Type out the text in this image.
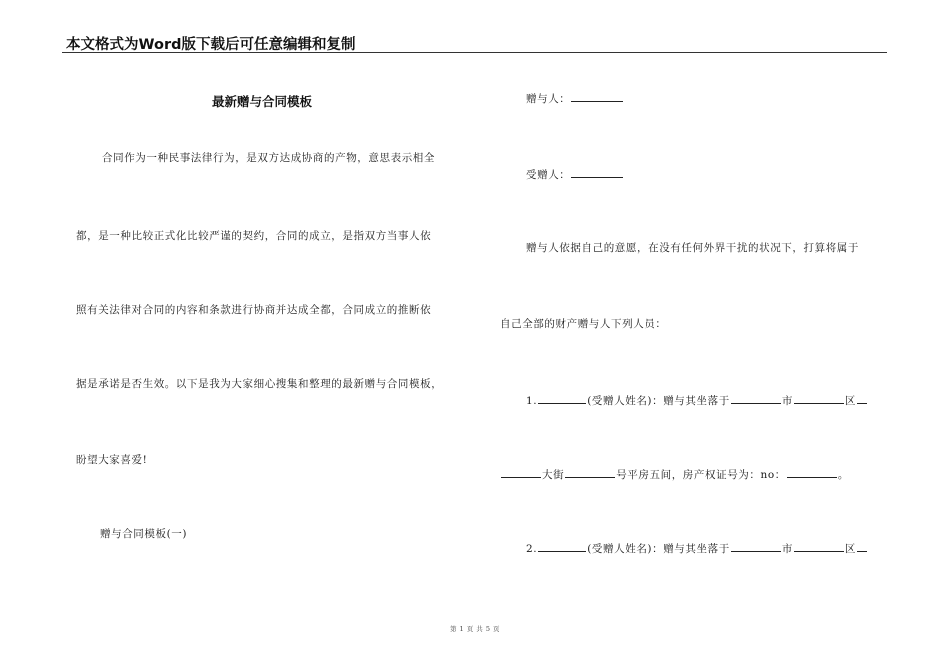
本文格式为Word版下载后可任意编辑和复制
最新赠与合同模板
合同作为一种民事法律行为，是双方达成协商的产物，意思表示相全
都，是一种比较正式化比较严谨的契约，合同的成立，是指双方当事人依
照有关法律对合同的内容和条款进行协商并达成全都，合同成立的推断依
据是承诺是否生效。以下是我为大家细心搜集和整理的最新赠与合同模板，
盼望大家喜爱!
赠与合同模板(一)
赠与人：
受赠人：
赠与人依据自己的意愿，在没有任何外界干扰的状况下，打算将属于
自己全部的财产赠与人下列人员：
1.	(受赠人姓名)：赠与其坐落于	市	区
大街	号平房五间，房产权证号为：no：	。
2.	(受赠人姓名)：赠与其坐落于	市	区
第 1 页 共 5 页
